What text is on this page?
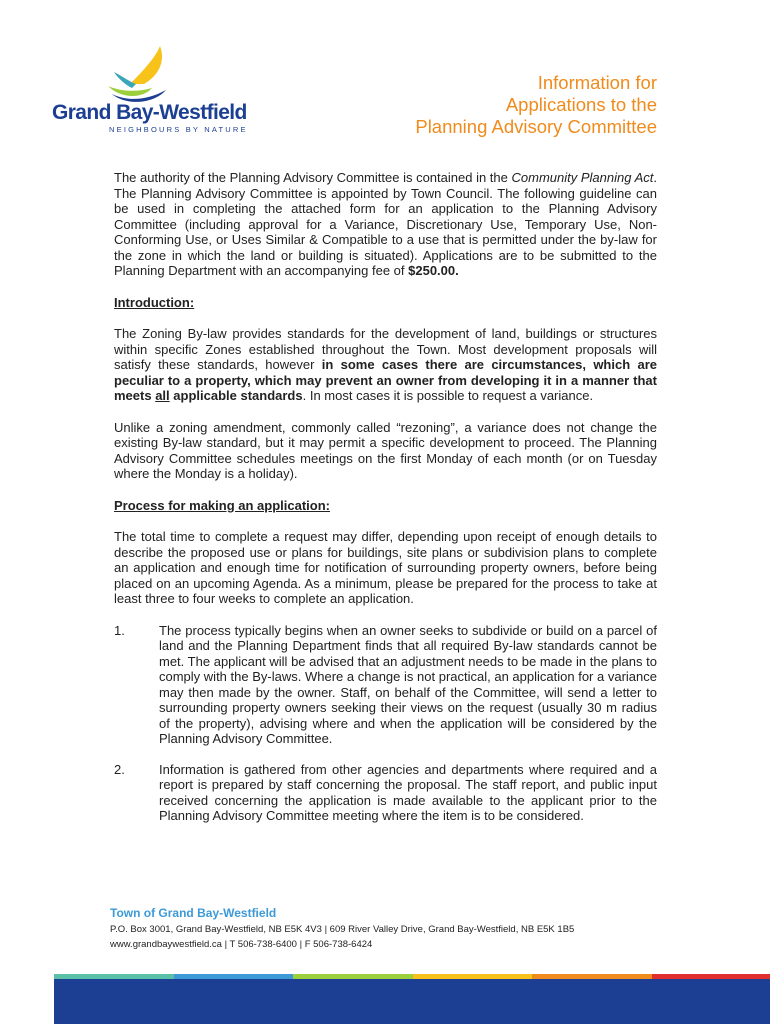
Grand Bay-Westfield
NEIGHBOURS BY NATURE
Information for
Applications to the
Planning Advisory Committee

The authority of the Planning Advisory Committee is contained in the Community Planning Act. The Planning Advisory Committee is appointed by Town Council. The following guideline can be used in completing the attached form for an application to the Planning Advisory Committee (including approval for a Variance, Discretionary Use, Temporary Use, Non-Conforming Use, or Uses Similar & Compatible to a use that is permitted under the by-law for the zone in which the land or building is situated). Applications are to be submitted to the Planning Department with an accompanying fee of $250.00.

Introduction:

The Zoning By-law provides standards for the development of land, buildings or structures within specific Zones established throughout the Town. Most development proposals will satisfy these standards, however in some cases there are circumstances, which are peculiar to a property, which may prevent an owner from developing it in a manner that meets all applicable standards. In most cases it is possible to request a variance.

Unlike a zoning amendment, commonly called “rezoning”, a variance does not change the existing By-law standard, but it may permit a specific development to proceed. The Planning Advisory Committee schedules meetings on the first Monday of each month (or on Tuesday where the Monday is a holiday).

Process for making an application:

The total time to complete a request may differ, depending upon receipt of enough details to describe the proposed use or plans for buildings, site plans or subdivision plans to complete an application and enough time for notification of surrounding property owners, before being placed on an upcoming Agenda. As a minimum, please be prepared for the process to take at least three to four weeks to complete an application.

1.	The process typically begins when an owner seeks to subdivide or build on a parcel of land and the Planning Department finds that all required By-law standards cannot be met. The applicant will be advised that an adjustment needs to be made in the plans to comply with the By-laws. Where a change is not practical, an application for a variance may then made by the owner. Staff, on behalf of the Committee, will send a letter to surrounding property owners seeking their views on the request (usually 30 m radius of the property), advising where and when the application will be considered by the Planning Advisory Committee.
2.	Information is gathered from other agencies and departments where required and a report is prepared by staff concerning the proposal. The staff report, and public input received concerning the application is made available to the applicant prior to the Planning Advisory Committee meeting where the item is to be considered.
Town of Grand Bay-Westfield
P.O. Box 3001, Grand Bay-Westfield, NB E5K 4V3 | 609 River Valley Drive, Grand Bay-Westfield, NB E5K 1B5
www.grandbaywestfield.ca | T 506-738-6400 | F 506-738-6424
